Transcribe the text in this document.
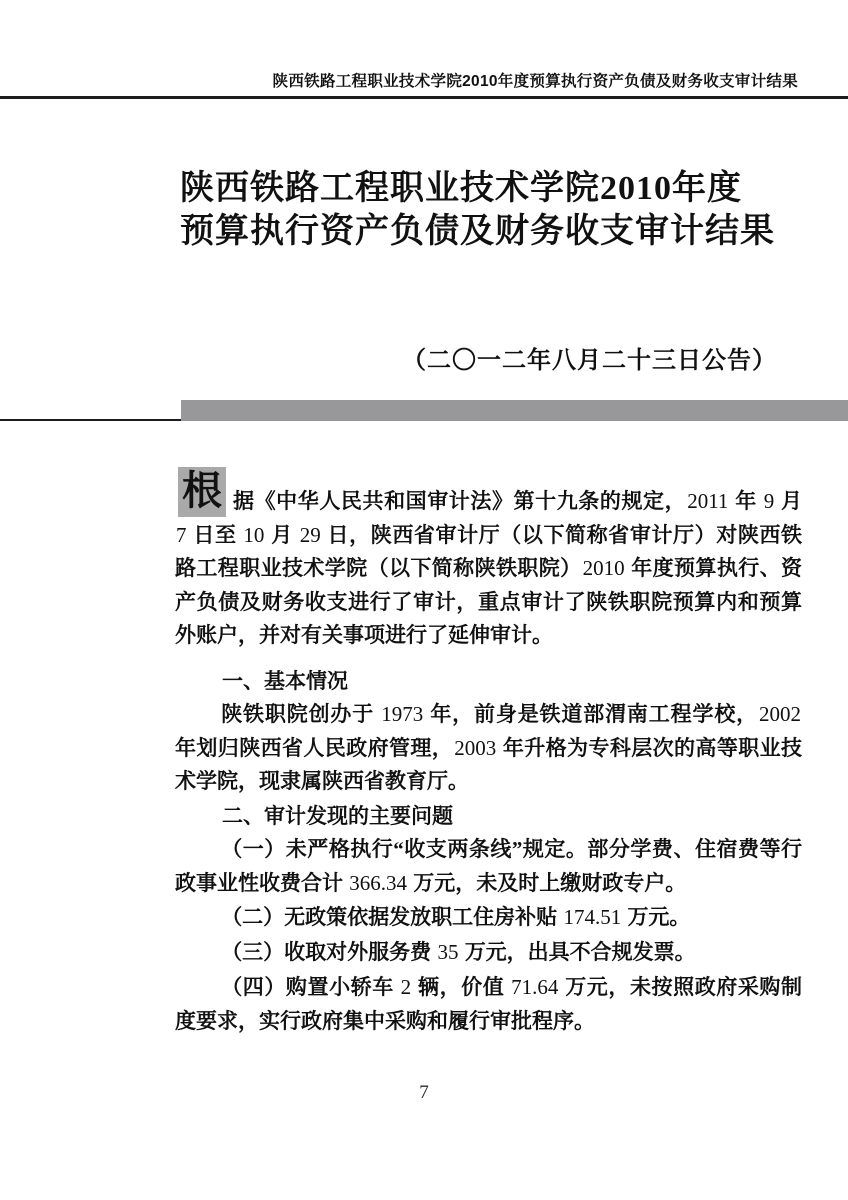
陕西铁路工程职业技术学院2010年度预算执行资产负债及财务收支审计结果
陕西铁路工程职业技术学院2010年度
预算执行资产负债及财务收支审计结果
（二〇一二年八月二十三日公告）

根 据《中华人民共和国审计法》第十九条的规定，2011 年 9 月 7 日至 10 月 29 日，陕西省审计厅（以下简称省审计厅）对陕西铁路工程职业技术学院（以下简称陕铁职院）2010 年度预算执行、资产负债及财务收支进行了审计，重点审计了陕铁职院预算内和预算外账户，并对有关事项进行了延伸审计。

一、基本情况

陕铁职院创办于 1973 年，前身是铁道部渭南工程学校，2002 年划归陕西省人民政府管理，2003 年升格为专科层次的高等职业技术学院，现隶属陕西省教育厅。

二、审计发现的主要问题

（一）未严格执行“收支两条线”规定。部分学费、住宿费等行政事业性收费合计 366.34 万元，未及时上缴财政专户。

（二）无政策依据发放职工住房补贴 174.51 万元。

（三）收取对外服务费 35 万元，出具不合规发票。

（四）购置小轿车 2 辆，价值 71.64 万元，未按照政府采购制度要求，实行政府集中采购和履行审批程序。

7
